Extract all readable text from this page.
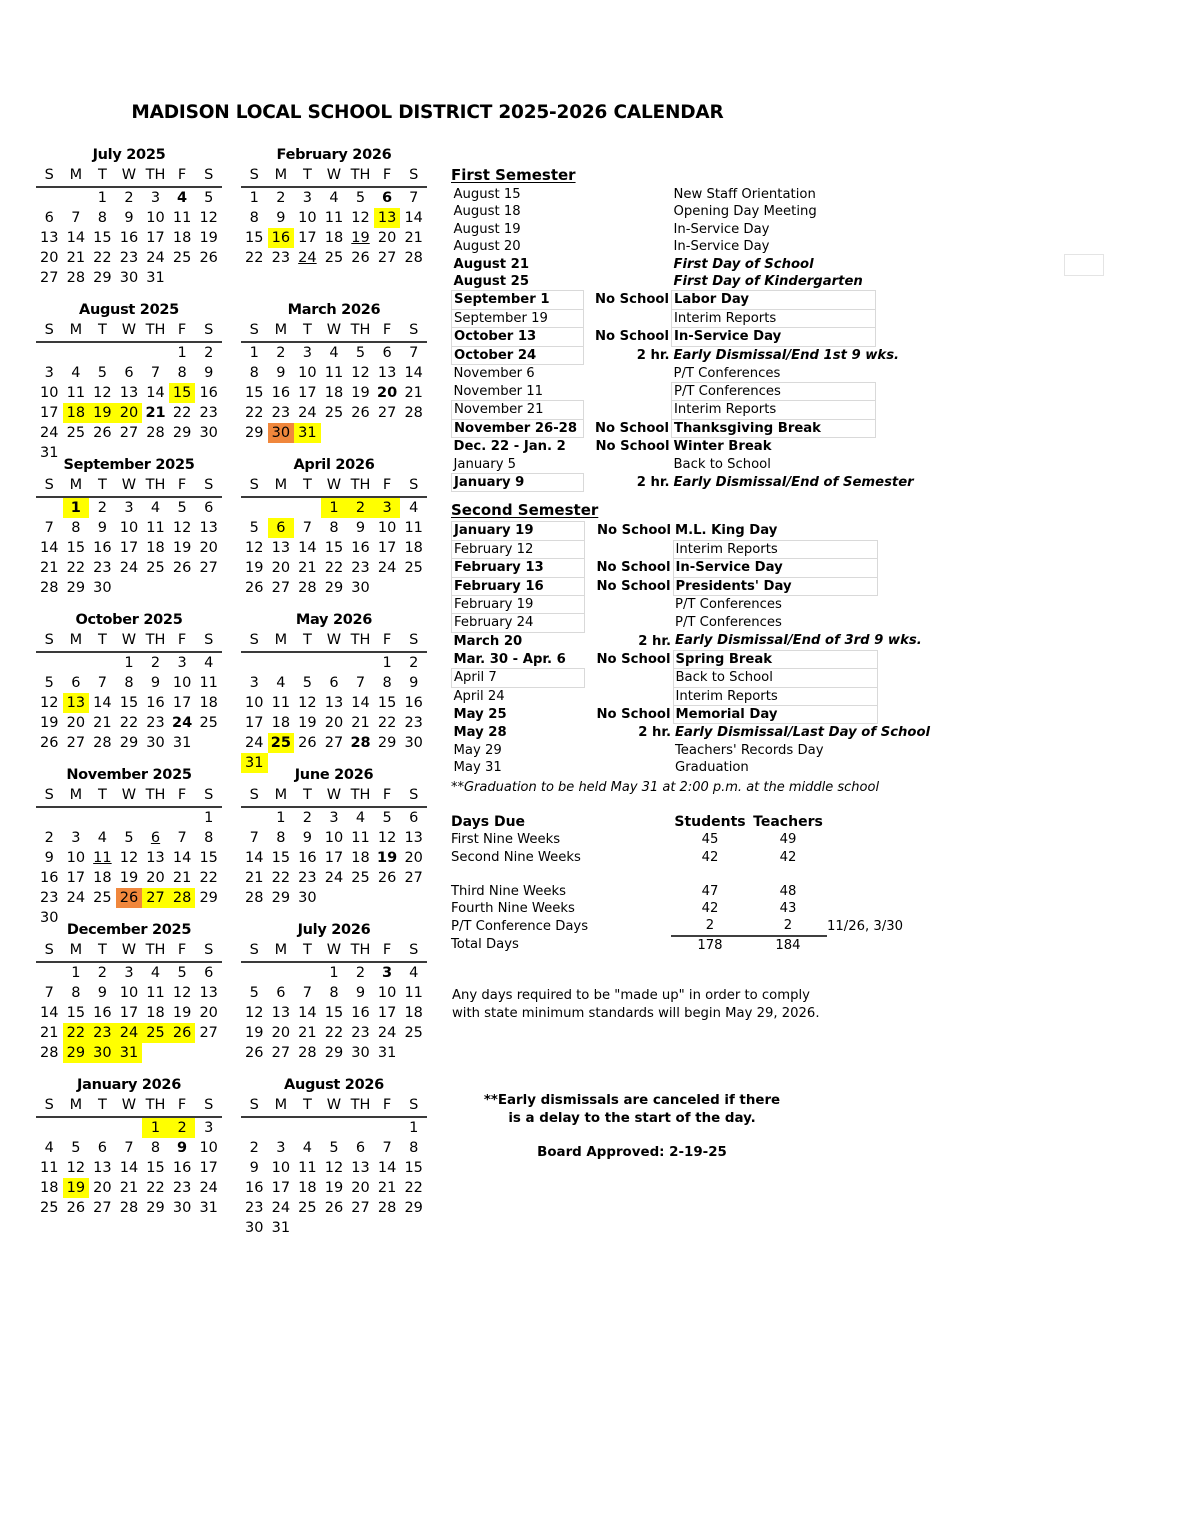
MADISON LOCAL SCHOOL DISTRICT 2025-2026 CALENDAR
July 2025
S	M	T	W	TH	F	S

		1	2	3	4	5

6	7	8	9	10	11	12

13	14	15	16	17	18	19

20	21	22	23	24	25	26

27	28	29	30	31		

August 2025
S	M	T	W	TH	F	S

					1	2

3	4	5	6	7	8	9

10	11	12	13	14	15	16

17	18	19	20	21	22	23

24	25	26	27	28	29	30

31						

September 2025
S	M	T	W	TH	F	S

	1	2	3	4	5	6

7	8	9	10	11	12	13

14	15	16	17	18	19	20

21	22	23	24	25	26	27

28	29	30				

October 2025
S	M	T	W	TH	F	S

			1	2	3	4

5	6	7	8	9	10	11

12	13	14	15	16	17	18

19	20	21	22	23	24	25

26	27	28	29	30	31	

November 2025
S	M	T	W	TH	F	S

						1

2	3	4	5	6	7	8

9	10	11	12	13	14	15

16	17	18	19	20	21	22

23	24	25	26	27	28	29

30						

December 2025
S	M	T	W	TH	F	S

	1	2	3	4	5	6

7	8	9	10	11	12	13

14	15	16	17	18	19	20

21	22	23	24	25	26	27

28	29	30	31			

January 2026
S	M	T	W	TH	F	S

				1	2	3

4	5	6	7	8	9	10

11	12	13	14	15	16	17

18	19	20	21	22	23	24

25	26	27	28	29	30	31
February 2026
S	M	T	W	TH	F	S

1	2	3	4	5	6	7

8	9	10	11	12	13	14

15	16	17	18	19	20	21

22	23	24	25	26	27	28
March 2026
S	M	T	W	TH	F	S

1	2	3	4	5	6	7

8	9	10	11	12	13	14

15	16	17	18	19	20	21

22	23	24	25	26	27	28

29	30	31				

April 2026
S	M	T	W	TH	F	S

			1	2	3	4

5	6	7	8	9	10	11

12	13	14	15	16	17	18

19	20	21	22	23	24	25

26	27	28	29	30		

May 2026
S	M	T	W	TH	F	S

					1	2

3	4	5	6	7	8	9

10	11	12	13	14	15	16

17	18	19	20	21	22	23

24	25	26	27	28	29	30

31						

June 2026
S	M	T	W	TH	F	S

	1	2	3	4	5	6

7	8	9	10	11	12	13

14	15	16	17	18	19	20

21	22	23	24	25	26	27

28	29	30				

July 2026
S	M	T	W	TH	F	S

			1	2	3	4

5	6	7	8	9	10	11

12	13	14	15	16	17	18

19	20	21	22	23	24	25

26	27	28	29	30	31	

August 2026
S	M	T	W	TH	F	S

						1

2	3	4	5	6	7	8

9	10	11	12	13	14	15

16	17	18	19	20	21	22

23	24	25	26	27	28	29

30	31					

First Semester
August 15		New Staff Orientation
August 18		Opening Day Meeting
August 19		In-Service Day
August 20		In-Service Day
August 21		First Day of School
August 25		First Day of Kindergarten
September 1	No School	Labor Day
September 19		Interim Reports
October 13	No School	In-Service Day
October 24	2 hr.	Early Dismissal/End 1st 9 wks.
November 6		P/T Conferences
November 11		P/T Conferences
November 21		Interim Reports
November 26-28	No School	Thanksgiving Break
Dec. 22 - Jan. 2	No School	Winter Break
January 5		Back to School
January 9	2 hr.	Early Dismissal/End of Semester
Second Semester
January 19	No School	M.L. King Day
February 12		Interim Reports
February 13	No School	In-Service Day
February 16	No School	Presidents' Day
February 19		P/T Conferences
February 24		P/T Conferences
March 20	2 hr.	Early Dismissal/End of 3rd 9 wks.
Mar. 30 - Apr. 6	No School	Spring Break
April 7		Back to School
April 24		Interim Reports
May 25	No School	Memorial Day
May 28	2 hr.	Early Dismissal/Last Day of School
May 29		Teachers' Records Day
May 31		Graduation
**Graduation to be held May 31 at 2:00 p.m. at the middle school
Days Due	Students	Teachers	
First Nine Weeks	45	49	
Second Nine Weeks	42	42	

Third Nine Weeks	47	48	
Fourth Nine Weeks	42	43	
P/T Conference Days	2	2	11/26, 3/30
Total Days	178	184	
Any days required to be "made up" in order to comply
with state minimum standards will begin May 29, 2026.
**Early dismissals are canceled if there
is a delay to the start of the day.
Board Approved: 2-19-25
